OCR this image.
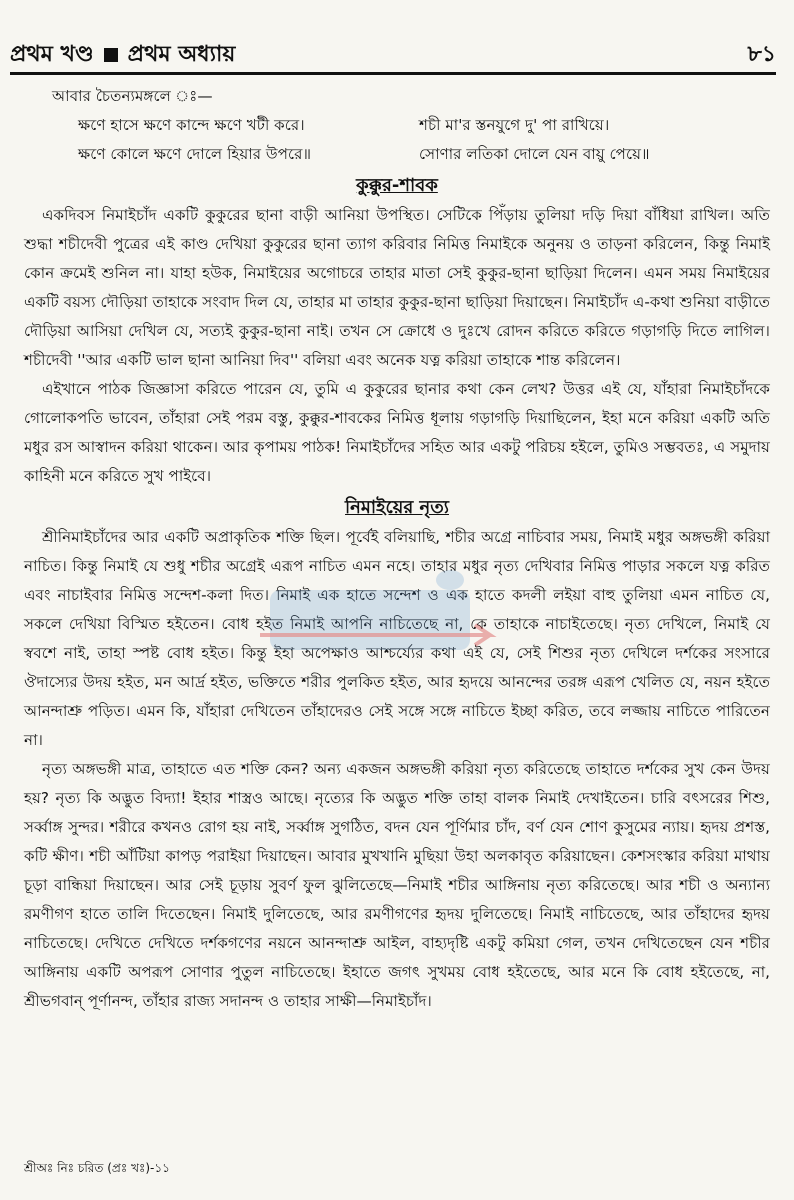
প্রথম খণ্ড প্রথম অধ্যায়	৮১
আবার চৈতন্যমঙ্গলে ঃ—
ক্ষণে হাসে ক্ষণে কান্দে ক্ষণে খটী করে।	শচী মা'র স্তনযুগে দু' পা রাখিয়ে।
ক্ষণে কোলে ক্ষণে দোলে হিয়ার উপরে॥	সোণার লতিকা দোলে যেন বায়ু পেয়ে॥
কুক্কুর-শাবক

একদিবস নিমাইচাঁদ একটি কুকুরের ছানা বাড়ী আনিয়া উপস্থিত। সেটিকে পিঁড়ায় তুলিয়া দড়ি দিয়া বাঁধিয়া রাখিল। অতি শুদ্ধা শচীদেবী পুত্রের এই কাণ্ড দেখিয়া কুকুরের ছানা ত্যাগ করিবার নিমিত্ত নিমাইকে অনুনয় ও তাড়না করিলেন, কিন্তু নিমাই কোন ক্রমেই শুনিল না। যাহা হউক, নিমাইয়ের অগোচরে তাহার মাতা সেই কুকুর-ছানা ছাড়িয়া দিলেন। এমন সময় নিমাইয়ের একটি বয়স্য দৌড়িয়া তাহাকে সংবাদ দিল যে, তাহার মা তাহার কুকুর-ছানা ছাড়িয়া দিয়াছেন। নিমাইচাঁদ এ-কথা শুনিয়া বাড়ীতে দৌড়িয়া আসিয়া দেখিল যে, সত্যই কুকুর-ছানা নাই। তখন সে ক্রোধে ও দুঃখে রোদন করিতে করিতে গড়াগড়ি দিতে লাগিল। শচীদেবী ''আর একটি ভাল ছানা আনিয়া দিব'' বলিয়া এবং অনেক যত্ন করিয়া তাহাকে শান্ত করিলেন।

এইখানে পাঠক জিজ্ঞাসা করিতে পারেন যে, তুমি এ কুকুরের ছানার কথা কেন লেখ? উত্তর এই যে, যাঁহারা নিমাইচাঁদকে গোলোকপতি ভাবেন, তাঁহারা সেই পরম বস্তু, কুক্কুর-শাবকের নিমিত্ত ধূলায় গড়াগড়ি দিয়াছিলেন, ইহা মনে করিয়া একটি অতি মধুর রস আস্বাদন করিয়া থাকেন। আর কৃপাময় পাঠক! নিমাইচাঁদের সহিত আর একটু পরিচয় হইলে, তুমিও সম্ভবতঃ, এ সমুদায় কাহিনী মনে করিতে সুখ পাইবে।

নিমাইয়ের নৃত্য

শ্রীনিমাইচাঁদের আর একটি অপ্রাকৃতিক শক্তি ছিল। পূর্বেই বলিয়াছি, শচীর অগ্রে নাচিবার সময়, নিমাই মধুর অঙ্গভঙ্গী করিয়া নাচিত। কিন্তু নিমাই যে শুধু শচীর অগ্রেই এরূপ নাচিত এমন নহে। তাহার মধুর নৃত্য দেখিবার নিমিত্ত পাড়ার সকলে যত্ন করিত এবং নাচাইবার নিমিত্ত সন্দেশ-কলা দিত। নিমাই এক হাতে সন্দেশ ও এক হাতে কদলী লইয়া বাহু তুলিয়া এমন নাচিত যে, সকলে দেখিয়া বিস্মিত হইতেন। বোধ হইত নিমাই আপনি নাচিতেছে না, কে তাহাকে নাচাইতেছে। নৃত্য দেখিলে, নিমাই যে স্ববশে নাই, তাহা স্পষ্ট বোধ হইত। কিন্তু ইহা অপেক্ষাও আশ্চর্য্যের কথা এই যে, সেই শিশুর নৃত্য দেখিলে দর্শকের সংসারে ঔদাস্যের উদয় হইত, মন আর্দ্র হইত, ভক্তিতে শরীর পুলকিত হইত, আর হৃদয়ে আনন্দের তরঙ্গ এরূপ খেলিত যে, নয়ন হইতে আনন্দাশ্রু পড়িত। এমন কি, যাঁহারা দেখিতেন তাঁহাদেরও সেই সঙ্গে সঙ্গে নাচিতে ইচ্ছা করিত, তবে লজ্জায় নাচিতে পারিতেন না।

নৃত্য অঙ্গভঙ্গী মাত্র, তাহাতে এত শক্তি কেন? অন্য একজন অঙ্গভঙ্গী করিয়া নৃত্য করিতেছে তাহাতে দর্শকের সুখ কেন উদয় হয়? নৃত্য কি অদ্ভুত বিদ্যা! ইহার শাস্ত্রও আছে। নৃত্যের কি অদ্ভুত শক্তি তাহা বালক নিমাই দেখাইতেন। চারি বৎসরের শিশু, সর্ব্বাঙ্গ সুন্দর। শরীরে কখনও রোগ হয় নাই, সর্ব্বাঙ্গ সুগঠিত, বদন যেন পূর্ণিমার চাঁদ, বর্ণ যেন শোণ কুসুমের ন্যায়। হৃদয় প্রশস্ত, কটি ক্ষীণ। শচী আঁটিয়া কাপড় পরাইয়া দিয়াছেন। আবার মুখখানি মুছিয়া উহা অলকাবৃত করিয়াছেন। কেশসংস্কার করিয়া মাথায় চূড়া বান্ধিয়া দিয়াছেন। আর সেই চূড়ায় সুবর্ণ ফুল ঝুলিতেছে—নিমাই শচীর আঙ্গিনায় নৃত্য করিতেছে। আর শচী ও অন্যান্য রমণীগণ হাতে তালি দিতেছেন। নিমাই দুলিতেছে, আর রমণীগণের হৃদয় দুলিতেছে। নিমাই নাচিতেছে, আর তাঁহাদের হৃদয় নাচিতেছে। দেখিতে দেখিতে দর্শকগণের নয়নে আনন্দাশ্রু আইল, বাহ্যদৃষ্টি একটু কমিয়া গেল, তখন দেখিতেছেন যেন শচীর আঙ্গিনায় একটি অপরূপ সোণার পুতুল নাচিতেছে। ইহাতে জগৎ সুখময় বোধ হইতেছে, আর মনে কি বোধ হইতেছে, না, শ্রীভগবান্‌ পূর্ণানন্দ, তাঁহার রাজ্য সদানন্দ ও তাহার সাক্ষী—নিমাইচাঁদ।

শ্রীঅঃ নিঃ চরিত (প্রঃ খঃ)-১১
